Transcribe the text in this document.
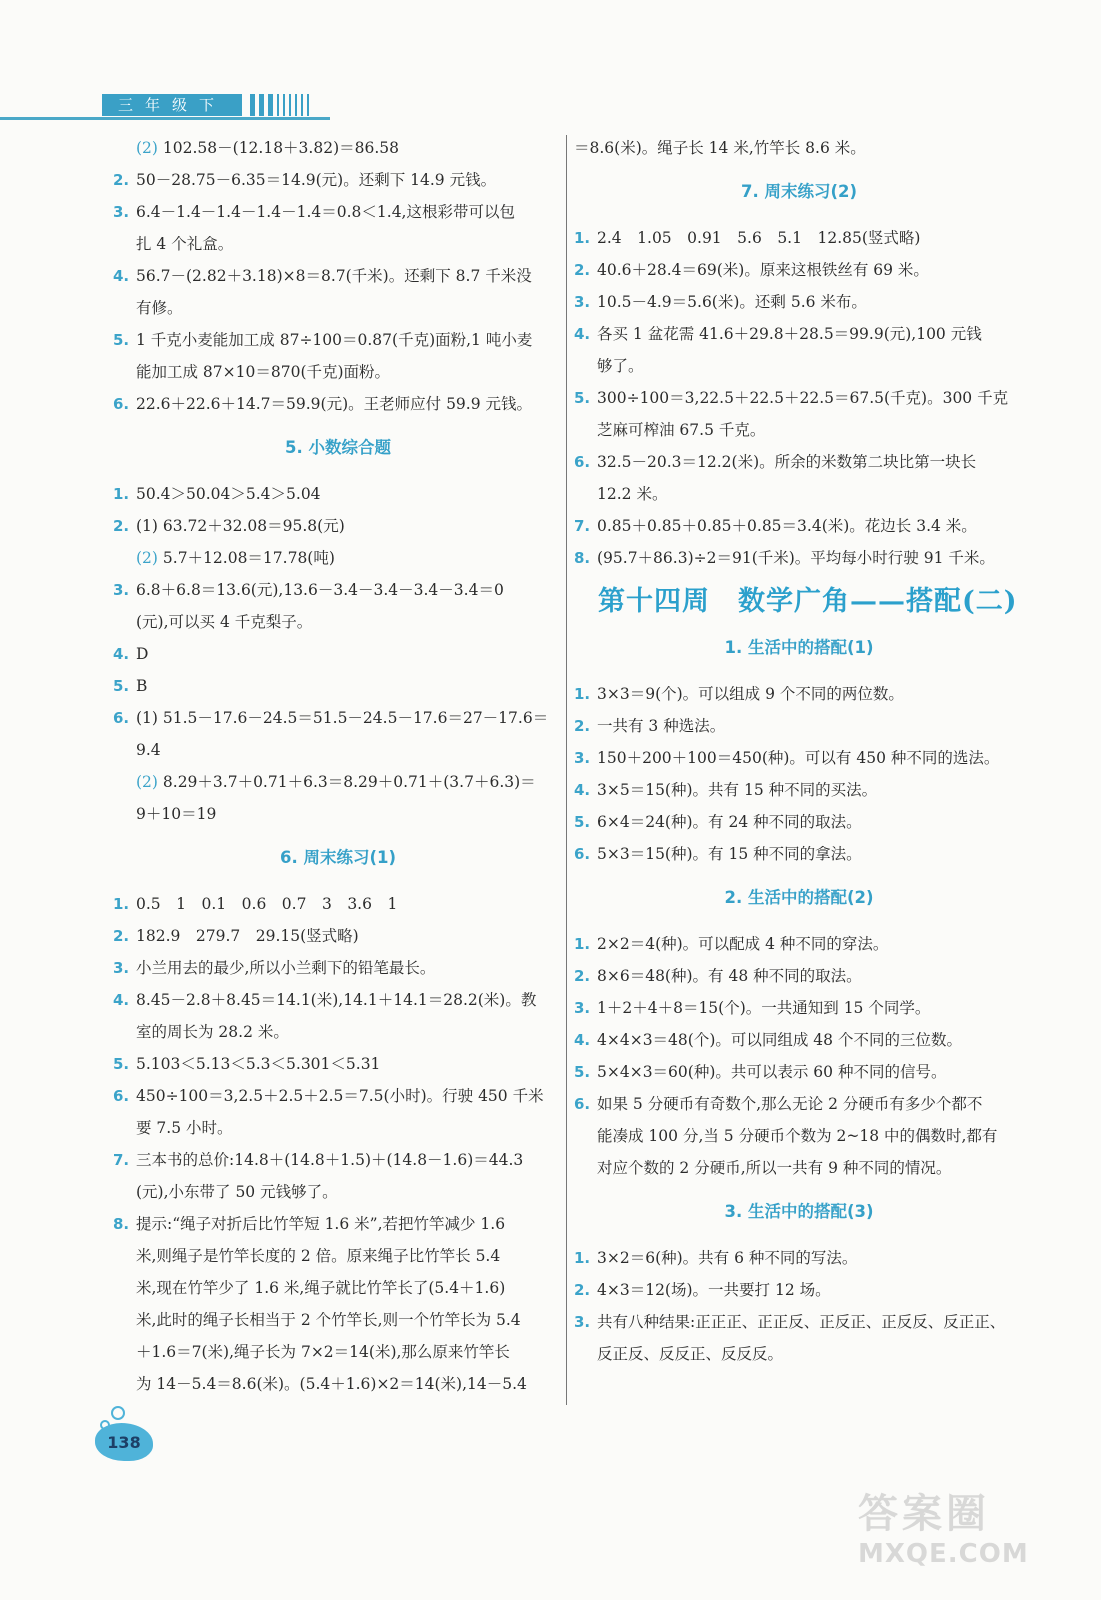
三年级下
(2) 102.58－(12.18＋3.82)＝86.58
2. 50－28.75－6.35＝14.9(元)。还剩下 14.9 元钱。
3. 6.4－1.4－1.4－1.4－1.4＝0.8＜1.4,这根彩带可以包
扎 4 个礼盒。
4. 56.7－(2.82＋3.18)×8＝8.7(千米)。还剩下 8.7 千米没
有修。
5. 1 千克小麦能加工成 87÷100＝0.87(千克)面粉,1 吨小麦
能加工成 87×10＝870(千克)面粉。
6. 22.6＋22.6＋14.7＝59.9(元)。王老师应付 59.9 元钱。
5. 小数综合题
1. 50.4＞50.04＞5.4＞5.04
2. (1) 63.72＋32.08＝95.8(元)
(2) 5.7＋12.08＝17.78(吨)
3. 6.8＋6.8＝13.6(元),13.6－3.4－3.4－3.4－3.4＝0
(元),可以买 4 千克梨子。
4. D
5. B
6. (1) 51.5－17.6－24.5＝51.5－24.5－17.6＝27－17.6＝
9.4
(2) 8.29＋3.7＋0.71＋6.3＝8.29＋0.71＋(3.7＋6.3)＝
9＋10＝19
6. 周末练习(1)
1. 0.5　1　0.1　0.6　0.7　3　3.6　1
2. 182.9　279.7　29.15(竖式略)
3. 小兰用去的最少,所以小兰剩下的铅笔最长。
4. 8.45－2.8＋8.45＝14.1(米),14.1＋14.1＝28.2(米)。教
室的周长为 28.2 米。
5. 5.103＜5.13＜5.3＜5.301＜5.31
6. 450÷100＝3,2.5＋2.5＋2.5＝7.5(小时)。行驶 450 千米
要 7.5 小时。
7. 三本书的总价:14.8＋(14.8＋1.5)＋(14.8－1.6)＝44.3
(元),小东带了 50 元钱够了。
8. 提示:“绳子对折后比竹竿短 1.6 米”,若把竹竿减少 1.6
米,则绳子是竹竿长度的 2 倍。原来绳子比竹竿长 5.4
米,现在竹竿少了 1.6 米,绳子就比竹竿长了(5.4＋1.6)
米,此时的绳子长相当于 2 个竹竿长,则一个竹竿长为 5.4
＋1.6＝7(米),绳子长为 7×2＝14(米),那么原来竹竿长
为 14－5.4＝8.6(米)。(5.4＋1.6)×2＝14(米),14－5.4
＝8.6(米)。绳子长 14 米,竹竿长 8.6 米。
7. 周末练习(2)
1. 2.4　1.05　0.91　5.6　5.1　12.85(竖式略)
2. 40.6＋28.4＝69(米)。原来这根铁丝有 69 米。
3. 10.5－4.9＝5.6(米)。还剩 5.6 米布。
4. 各买 1 盆花需 41.6＋29.8＋28.5＝99.9(元),100 元钱
够了。
5. 300÷100＝3,22.5＋22.5＋22.5＝67.5(千克)。300 千克
芝麻可榨油 67.5 千克。
6. 32.5－20.3＝12.2(米)。所余的米数第二块比第一块长
12.2 米。
7. 0.85＋0.85＋0.85＋0.85＝3.4(米)。花边长 3.4 米。
8. (95.7＋86.3)÷2＝91(千米)。平均每小时行驶 91 千米。
第十四周　数学广角——搭配(二)
1. 生活中的搭配(1)
1. 3×3＝9(个)。可以组成 9 个不同的两位数。
2. 一共有 3 种选法。
3. 150＋200＋100＝450(种)。可以有 450 种不同的选法。
4. 3×5＝15(种)。共有 15 种不同的买法。
5. 6×4＝24(种)。有 24 种不同的取法。
6. 5×3＝15(种)。有 15 种不同的拿法。
2. 生活中的搭配(2)
1. 2×2＝4(种)。可以配成 4 种不同的穿法。
2. 8×6＝48(种)。有 48 种不同的取法。
3. 1＋2＋4＋8＝15(个)。一共通知到 15 个同学。
4. 4×4×3＝48(个)。可以同组成 48 个不同的三位数。
5. 5×4×3＝60(种)。共可以表示 60 种不同的信号。
6. 如果 5 分硬币有奇数个,那么无论 2 分硬币有多少个都不
能凑成 100 分,当 5 分硬币个数为 2~18 中的偶数时,都有
对应个数的 2 分硬币,所以一共有 9 种不同的情况。
3. 生活中的搭配(3)
1. 3×2＝6(种)。共有 6 种不同的写法。
2. 4×3＝12(场)。一共要打 12 场。
3. 共有八种结果:正正正、正正反、正反正、正反反、反正正、
反正反、反反正、反反反。
138
答案圈
MXQE.COM
